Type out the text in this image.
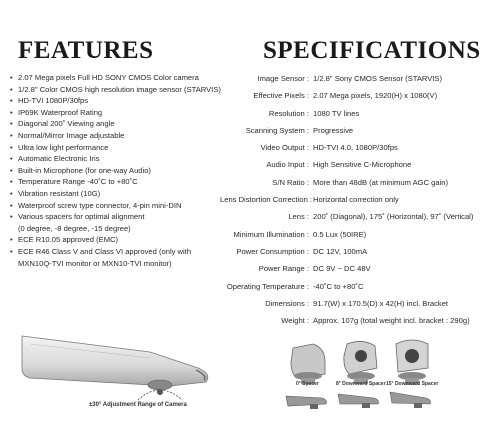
FEATURES	SPECIFICATIONS
• 2.07 Mega pixels Full HD SONY CMOS Color camera
• 1/2.8" Color CMOS high resolution image sensor (STARVIS)
• HD-TVI 1080P/30fps
• IP69K Waterproof Rating
• Diagonal 200˚ Viewing angle
• Normal/Mirror Image adjustable
• Ultra low light performance
• Automatic Electronic Iris
• Built-in Microphone (for one-way Audio)
• Temperature Range -40˚C to +80˚C
• Vibration resistant (10G)
• Waterproof screw type connector, 4-pin mini-DIN
• Various spacers for optimal alignment
(0 degree, -8 degree, -15 degree)
• ECE R10.05 approved (EMC)
• ECE R46 Class V and Class VI approved (only with
MXN10Q-TVI monitor or MXN10-TVI monitor)
Image Sensor : 1/2.8" Sony CMOS Sensor (STARVIS)
Effective Pixels : 2.07 Mega pixels, 1920(H) x 1080(V)
Resolution : 1080 TV lines
Scanning System : Progressive
Video Output : HD-TVI 4.0, 1080P/30fps
Audio Input : High Sensitive C-Microphone
S/N Ratio : More than 48dB (at minimum AGC gain)
Lens Distortion Correction : Horizontal correction only
Lens : 200˚ (Diagonal), 175˚ (Horizontal), 97˚ (Vertical)
Minimum Illumination : 0.5 Lux (50IRE)
Power Consumption : DC 12V, 100mA
Power Range : DC 9V ~ DC 48V
Operating Temperature : -40˚C to +80˚C
Dimensions : 91.7(W) x 170.5(D) x 42(H) incl. Bracket
Weight : Approx. 107g (total weight incl. bracket : 290g)
±30° Adjustment Range of Camera
0° Spacer	8° Downward Spacer 15° Downward Spacer
